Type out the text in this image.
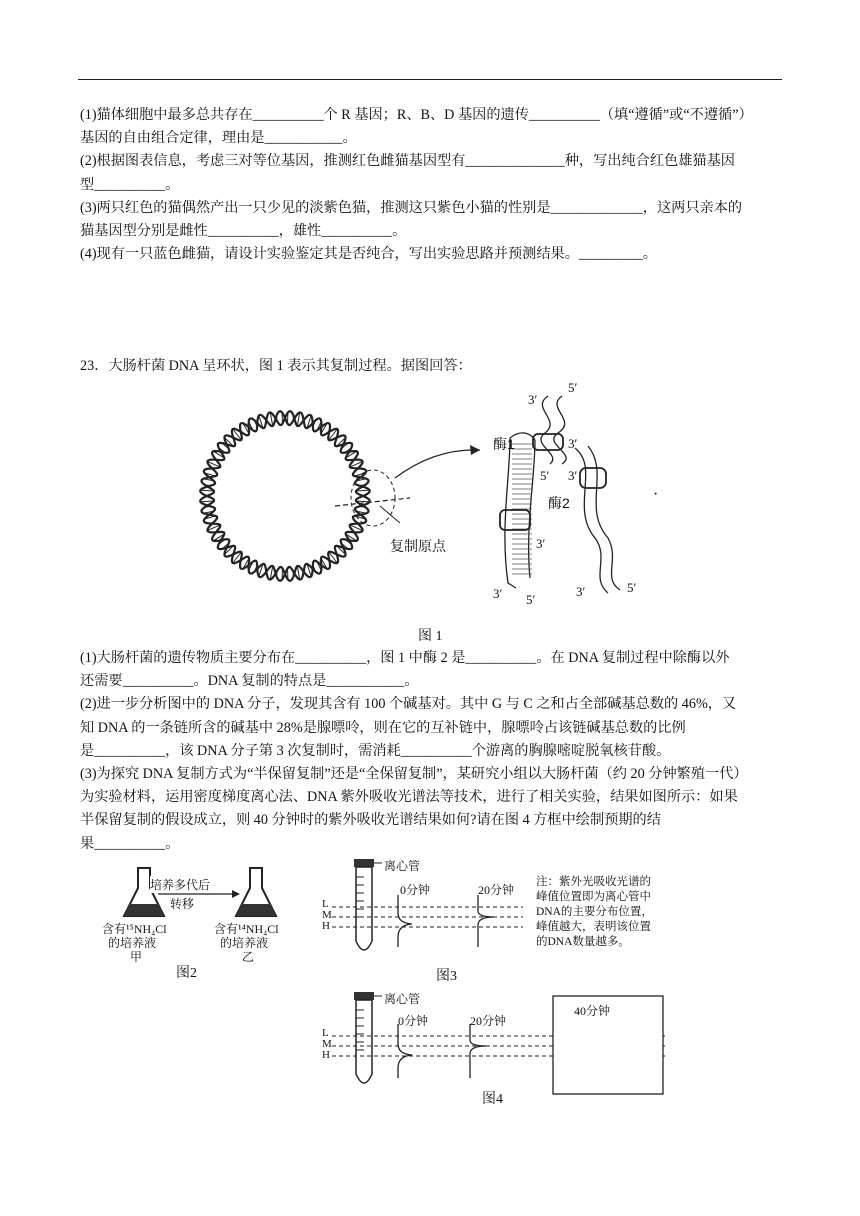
(1)猫体细胞中最多总共存在__________个 R 基因；R、B、D 基因的遗传__________（填“遵循”或“不遵循”）
基因的自由组合定律，理由是___________。
(2)根据图表信息，考虑三对等位基因，推测红色雌猫基因型有______________种，写出纯合红色雄猫基因
型__________。
(3)两只红色的猫偶然产出一只少见的淡紫色猫，推测这只紫色小猫的性别是_____________，这两只亲本的
猫基因型分别是雌性__________，雄性__________。
(4)现有一只蓝色雌猫，请设计实验鉴定其是否纯合，写出实验思路并预测结果。_________。
23．大肠杆菌 DNA 呈环状，图 1 表示其复制过程。据图回答：
复制原点
酶1
酶2
5′
3′
3′
5′ 3′
3′
3′ 5′
3′	5′
·
图 1
(1)大肠杆菌的遗传物质主要分布在__________，图 1 中酶 2 是__________。在 DNA 复制过程中除酶以外
还需要__________。DNA 复制的特点是___________。
(2)进一步分析图中的 DNA 分子，发现其含有 100 个碱基对。其中 G 与 C 之和占全部碱基总数的 46%，又
知 DNA 的一条链所含的碱基中 28%是腺嘌呤，则在它的互补链中，腺嘌呤占该链碱基总数的比例
是__________，该 DNA 分子第 3 次复制时，需消耗__________个游离的胸腺嘧啶脱氧核苷酸。
(3)为探究 DNA 复制方式为“半保留复制”还是“全保留复制”，某研究小组以大肠杆菌（约 20 分钟繁殖一代）
为实验材料，运用密度梯度离心法、DNA 紫外吸收光谱法等技术，进行了相关实验，结果如图所示：如果
半保留复制的假设成立，则 40 分钟时的紫外吸收光谱结果如何?请在图 4 方框中绘制预期的结
果__________。
培养多代后
转移
含有¹⁵NH₄Cl
的培养液
甲
含有¹⁴NH₄Cl
的培养液
乙
图2
离心管
0分钟	20分钟
L
M
H
注：紫外光吸收光谱的
峰值位置即为离心管中
DNA的主要分布位置，
峰值越大，表明该位置
的DNA数量越多。
图3
离心管
0分钟	20分钟
40分钟
L
M
H
图4
